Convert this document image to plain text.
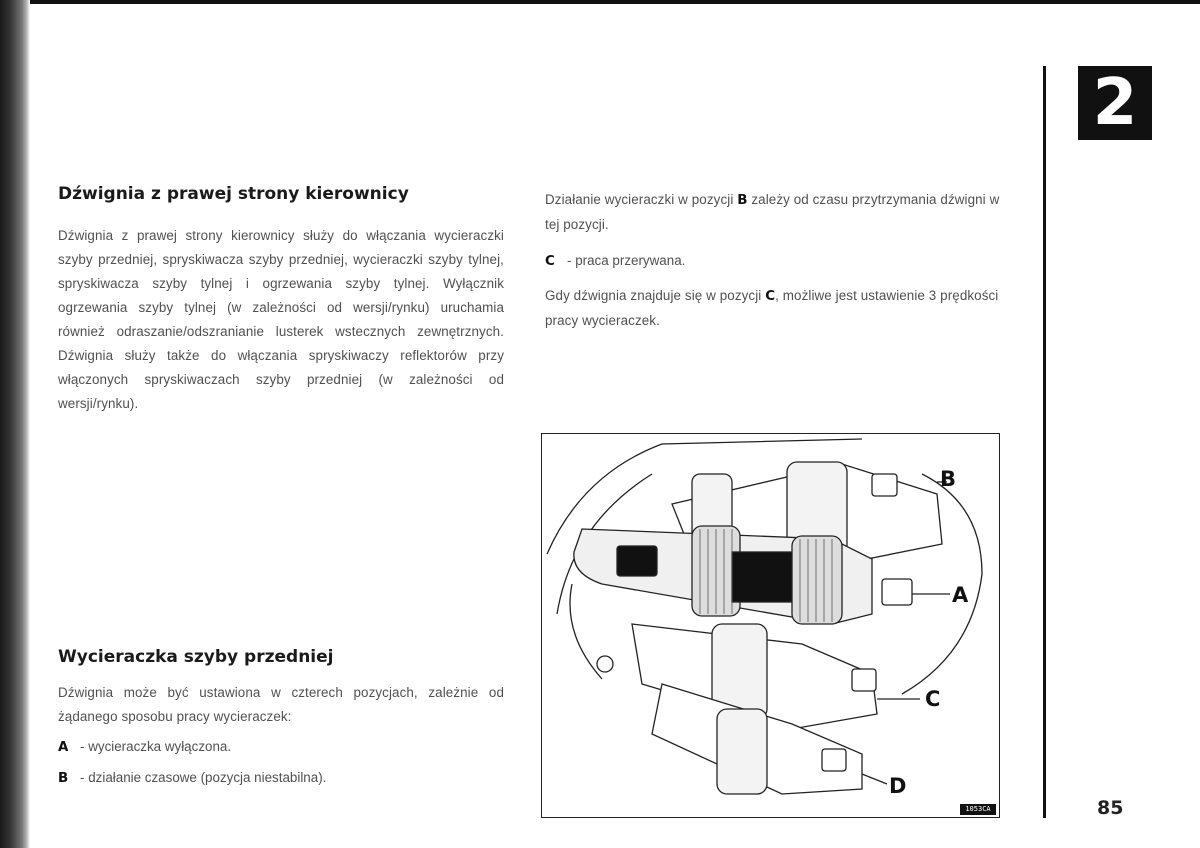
2
85
Dźwignia z prawej strony kierownicy

Dźwignia z prawej strony kierownicy służy do włączania wycieraczki szyby przedniej, spryskiwacza szyby przedniej, wycieraczki szyby tylnej, spryskiwacza szyby tylnej i ogrzewania szyby tylnej. Wyłącznik ogrzewania szyby tylnej (w zależności od wersji/rynku) uruchamia również odraszanie/odszranianie lusterek wstecznych zewnętrznych. Dźwignia służy także do włączania spryskiwaczy reflektorów przy włączonych spryskiwaczach szyby przedniej (w zależności od wersji/rynku).

Wycieraczka szyby przedniej

Dźwignia może być ustawiona w czterech pozycjach, zależnie od żądanego sposobu pracy wycieraczek:

A - wycieraczka wyłączona.
B - działanie czasowe (pozycja niestabilna).

Działanie wycieraczki w pozycji B zależy od czasu przytrzymania dźwigni w tej pozycji.

C - praca przerywana.

Gdy dźwignia znajduje się w pozycji C, możliwe jest ustawienie 3 prędkości pracy wycieraczek.

B
A
C
D
1053CA
